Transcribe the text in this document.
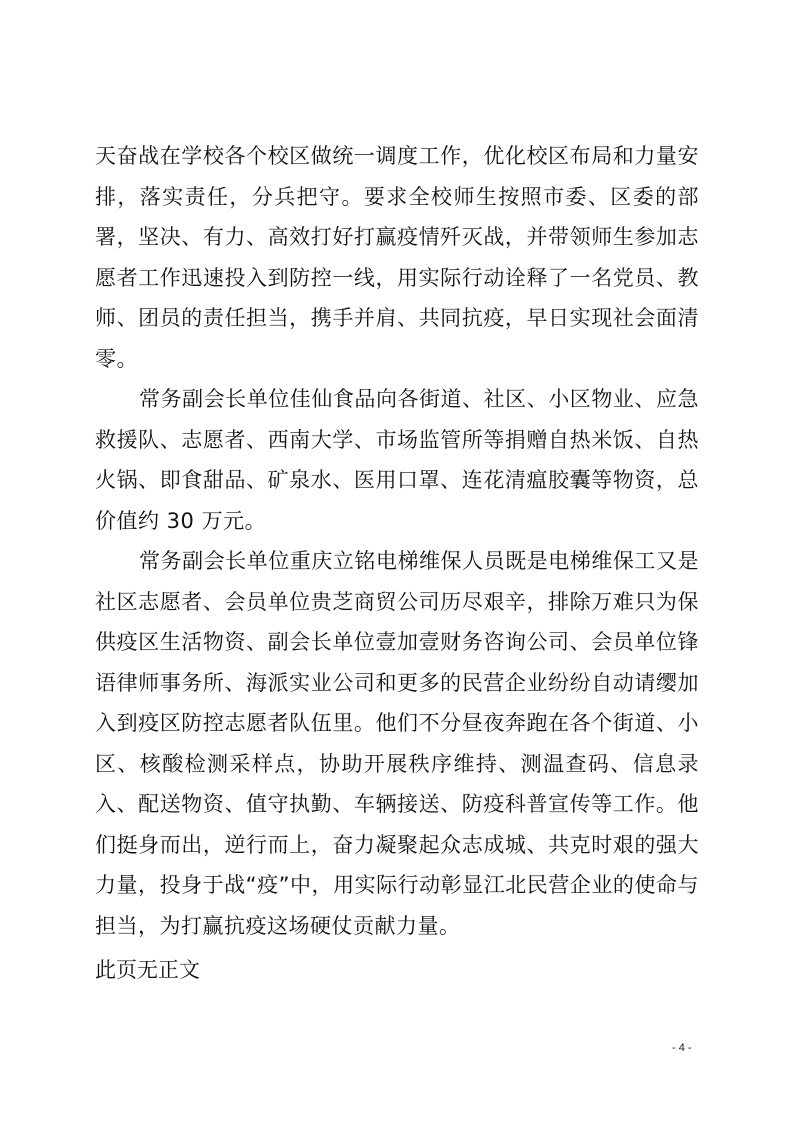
天奋战在学校各个校区做统一调度工作，优化校区布局和力量安排，落实责任，分兵把守。要求全校师生按照市委、区委的部署，坚决、有力、高效打好打赢疫情歼灭战，并带领师生参加志愿者工作迅速投入到防控一线，用实际行动诠释了一名党员、教师、团员的责任担当，携手并肩、共同抗疫，早日实现社会面清零。

常务副会长单位佳仙食品向各街道、社区、小区物业、应急救援队、志愿者、西南大学、市场监管所等捐赠自热米饭、自热火锅、即食甜品、矿泉水、医用口罩、连花清瘟胶囊等物资，总价值约 30 万元。

常务副会长单位重庆立铭电梯维保人员既是电梯维保工又是社区志愿者、会员单位贵芝商贸公司历尽艰辛，排除万难只为保供疫区生活物资、副会长单位壹加壹财务咨询公司、会员单位锋语律师事务所、海派实业公司和更多的民营企业纷纷自动请缨加入到疫区防控志愿者队伍里。他们不分昼夜奔跑在各个街道、小区、核酸检测采样点，协助开展秩序维持、测温查码、信息录入、配送物资、值守执勤、车辆接送、防疫科普宣传等工作。他们挺身而出，逆行而上，奋力凝聚起众志成城、共克时艰的强大力量，投身于战“疫”中，用实际行动彰显江北民营企业的使命与担当，为打赢抗疫这场硬仗贡献力量。

此页无正文

- 4 -
